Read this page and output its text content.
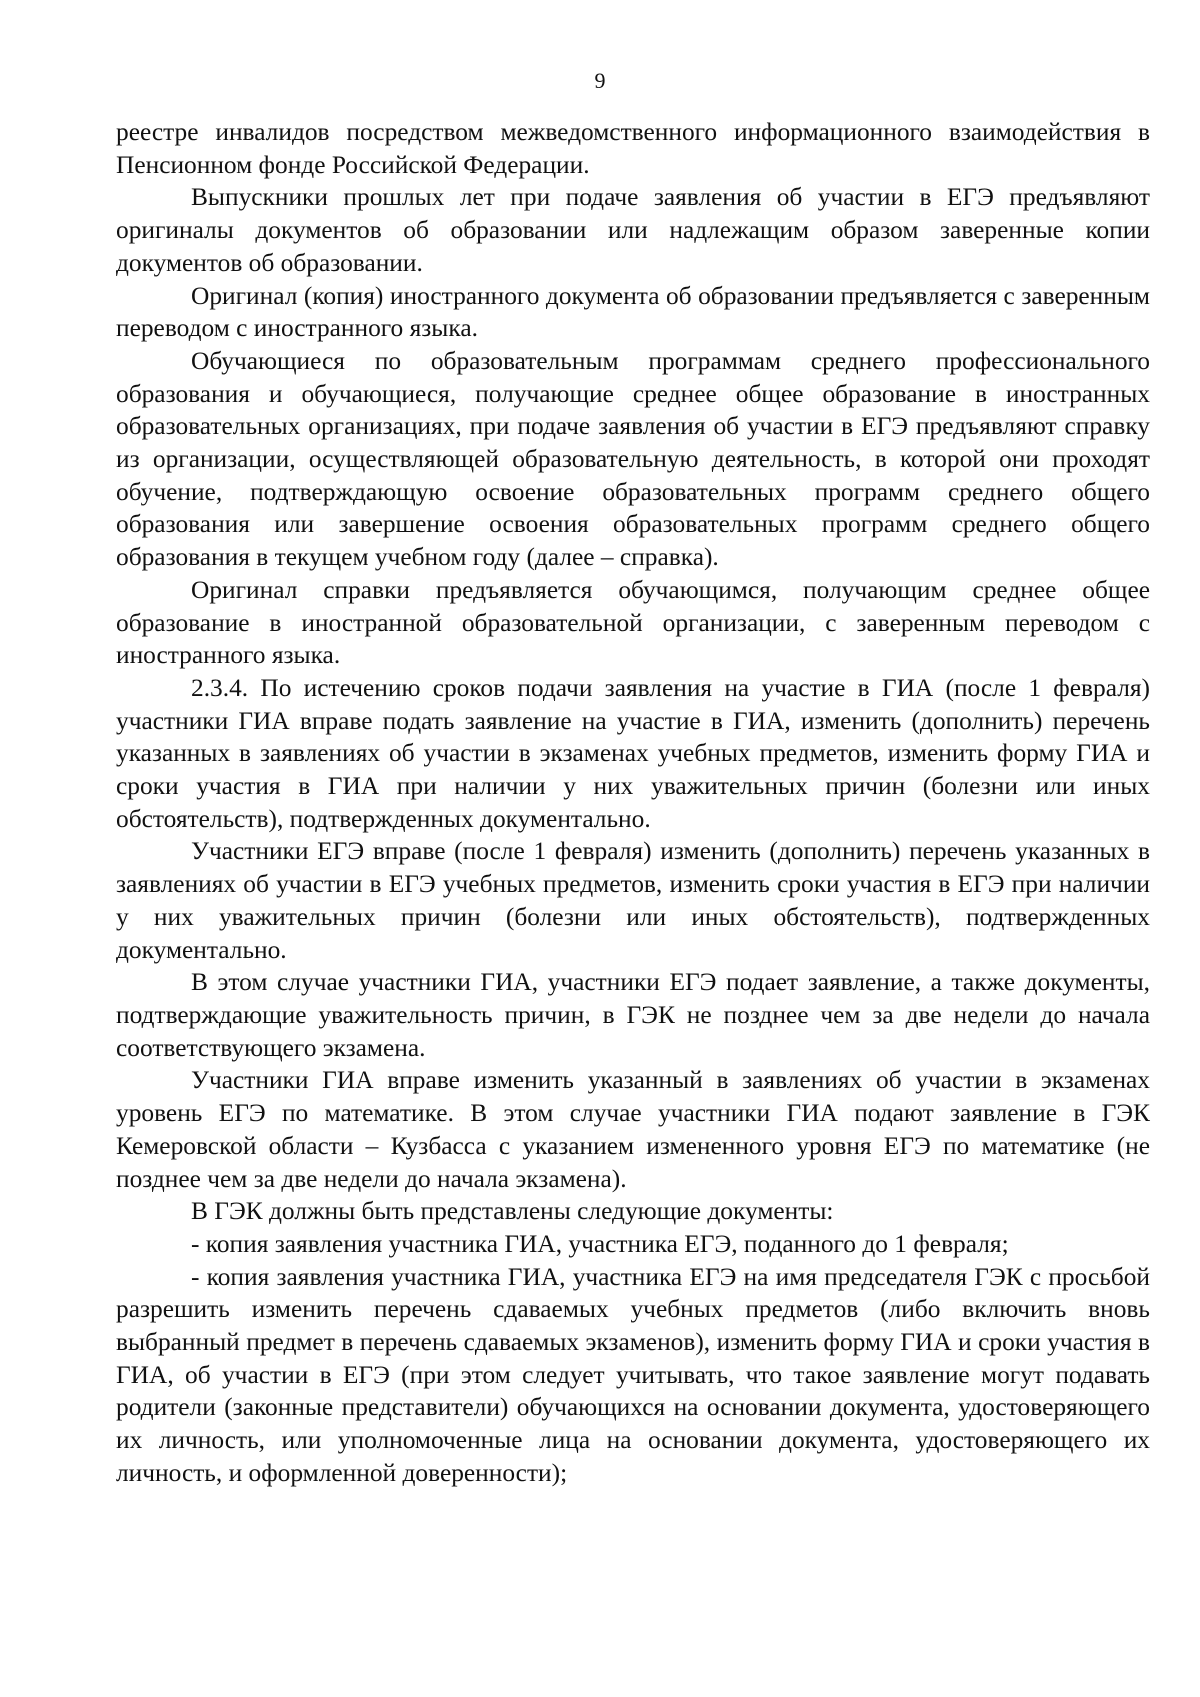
9

реестре инвалидов посредством межведомственного информационного взаимодействия в Пенсионном фонде Российской Федерации.

Выпускники прошлых лет при подаче заявления об участии в ЕГЭ предъявляют оригиналы документов об образовании или надлежащим образом заверенные копии документов об образовании.

Оригинал (копия) иностранного документа об образовании предъявляется с заверенным переводом с иностранного языка.

Обучающиеся по образовательным программам среднего профессионального образования и обучающиеся, получающие среднее общее образование в иностранных образовательных организациях, при подаче заявления об участии в ЕГЭ предъявляют справку из организации, осуществляющей образовательную деятельность, в которой они проходят обучение, подтверждающую освоение образовательных программ среднего общего образования или завершение освоения образовательных программ среднего общего образования в текущем учебном году (далее – справка).

Оригинал справки предъявляется обучающимся, получающим среднее общее образование в иностранной образовательной организации, с заверенным переводом с иностранного языка.

2.3.4. По истечению сроков подачи заявления на участие в ГИА (после 1 февраля) участники ГИА вправе подать заявление на участие в ГИА, изменить (дополнить) перечень указанных в заявлениях об участии в экзаменах учебных предметов, изменить форму ГИА и сроки участия в ГИА при наличии у них уважительных причин (болезни или иных обстоятельств), подтвержденных документально.

Участники ЕГЭ вправе (после 1 февраля) изменить (дополнить) перечень указанных в заявлениях об участии в ЕГЭ учебных предметов, изменить сроки участия в ЕГЭ при наличии у них уважительных причин (болезни или иных обстоятельств), подтвержденных документально.

В этом случае участники ГИА, участники ЕГЭ подает заявление, а также документы, подтверждающие уважительность причин, в ГЭК не позднее чем за две недели до начала соответствующего экзамена.

Участники ГИА вправе изменить указанный в заявлениях об участии в экзаменах уровень ЕГЭ по математике. В этом случае участники ГИА подают заявление в ГЭК Кемеровской области – Кузбасса с указанием измененного уровня ЕГЭ по математике (не позднее чем за две недели до начала экзамена).

В ГЭК должны быть представлены следующие документы:

- копия заявления участника ГИА, участника ЕГЭ, поданного до 1 февраля;

- копия заявления участника ГИА, участника ЕГЭ на имя председателя ГЭК с просьбой разрешить изменить перечень сдаваемых учебных предметов (либо включить вновь выбранный предмет в перечень сдаваемых экзаменов), изменить форму ГИА и сроки участия в ГИА, об участии в ЕГЭ (при этом следует учитывать, что такое заявление могут подавать родители (законные представители) обучающихся на основании документа, удостоверяющего их личность, или уполномоченные лица на основании документа, удостоверяющего их личность, и оформленной доверенности);
